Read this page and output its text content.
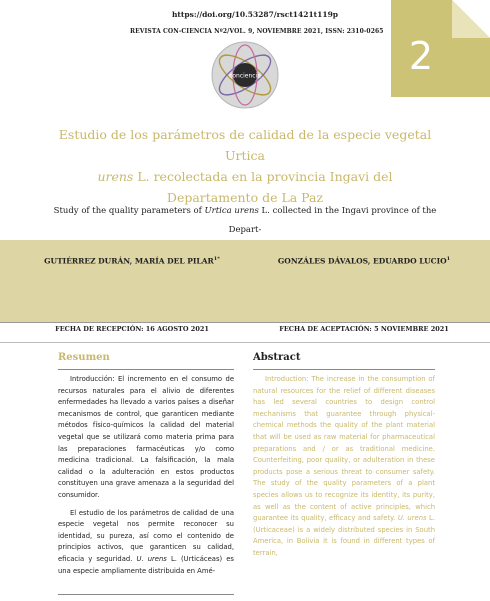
https://doi.org/10.53287/rsct1421t119p
REVISTA CON-CIENCIA Nº2/VOL. 9, NOVIEMBRE 2021, ISSN: 2310-0265
2
conciencia
Estudio de los parámetros de calidad de la especie vegetal Urtica
urens L. recolectada en la provincia Ingavi del
Departamento de La Paz
Study of the quality parameters of Urtica urens L. collected in the Ingavi province of the Depart-

GUTIÉRREZ DURÁN, MARÍA DEL $PILAR^{1*}$	GONZÁLES DÁVALOS, EDUARDO LUCIO$^1$
FECHA DE RECEPCIÓN: 16 AGOSTO 2021	FECHA DE ACEPTACIÓN: 5 NOVIEMBRE 2021
Resumen

Introducción: El incremento en el consumo de recursos naturales para el alivio de diferentes enfermedades ha llevado a varios países a diseñar mecanismos de control, que garanticen mediante métodos físico-químicos la calidad del material vegetal que se utilizará como materia prima para las preparaciones farmacéuticas y/o como medicina tradicional. La falsificación, la mala calidad o la adulteración en estos productos constituyen una grave amenaza a la seguridad del consumidor.

El estudio de los parámetros de calidad de una especie vegetal nos permite reconocer su identidad, su pureza, así como el contenido de principios activos, que garanticen su calidad, eficacia y seguridad. U. urens L. (Urticáceas) es una especie ampliamente distribuida en Amé-

Abstract

Introduction: The increase in the consumption of natural resources for the relief of different diseases has led several countries to design control mechanisms that guarantee through physical-chemical methods the quality of the plant material that will be used as raw material for pharmaceutical preparations and / or as traditional medicine. Counterfeiting, poor quality, or adulteration in these products pose a serious threat to consumer safety. The study of the quality parameters of a plant species allows us to recognize its identity, its purity, as well as the content of active principles, which guarantee its quality, efficacy and safety. U. urens L. (Urticaceae) is a widely distributed species in South America, in Bolivia it is found in different types of terrain,
